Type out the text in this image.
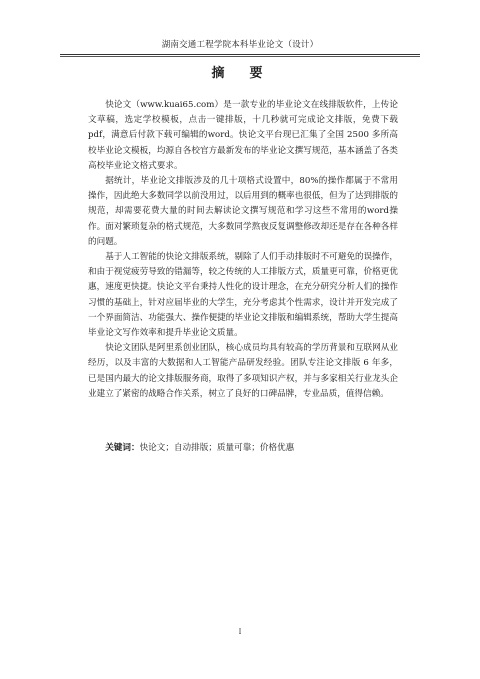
湖南交通工程学院本科毕业论文（设计）
摘　要

快论文（www.kuai65.com）是一款专业的毕业论文在线排版软件，上传论文草稿，选定学校模板，点击一键排版，十几秒就可完成论文排版，免费下载pdf，满意后付款下载可编辑的word。快论文平台现已汇集了全国 2500 多所高校毕业论文模板，均源自各校官方最新发布的毕业论文撰写规范，基本涵盖了各类高校毕业论文格式要求。

据统计，毕业论文排版涉及的几十项格式设置中，80%的操作都属于不常用操作，因此绝大多数同学以前没用过，以后用到的概率也很低，但为了达到排版的规范，却需要花费大量的时间去解读论文撰写规范和学习这些不常用的word操作。面对繁琐复杂的格式规范，大多数同学熬夜反复调整修改却还是存在各种各样的问题。

基于人工智能的快论文排版系统，剔除了人们手动排版时不可避免的误操作，和由于视觉疲劳导致的错漏等，较之传统的人工排版方式，质量更可靠，价格更优惠，速度更快捷。快论文平台秉持人性化的设计理念，在充分研究分析人们的操作习惯的基础上，针对应届毕业的大学生，充分考虑其个性需求，设计并开发完成了一个界面简洁、功能强大、操作便捷的毕业论文排版和编辑系统，帮助大学生提高毕业论文写作效率和提升毕业论文质量。

快论文团队是阿里系创业团队，核心成员均具有较高的学历背景和互联网从业经历，以及丰富的大数据和人工智能产品研发经验。团队专注论文排版 6 年多，已是国内最大的论文排版服务商，取得了多项知识产权，并与多家相关行业龙头企业建立了紧密的战略合作关系，树立了良好的口碑品牌，专业品质，值得信赖。

关键词：快论文；自动排版；质量可靠；价格优惠
I
